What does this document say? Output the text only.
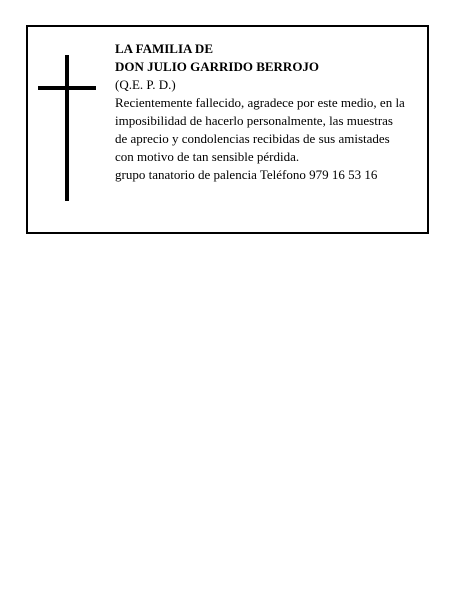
LA FAMILIA DE
DON JULIO GARRIDO BERROJO
(Q.E. P. D.)
Recientemente fallecido, agradece por este medio, en la
imposibilidad de hacerlo personalmente, las muestras
de aprecio y condolencias recibidas de sus amistades
con motivo de tan sensible pérdida.
grupo tanatorio de palencia Teléfono 979 16 53 16
